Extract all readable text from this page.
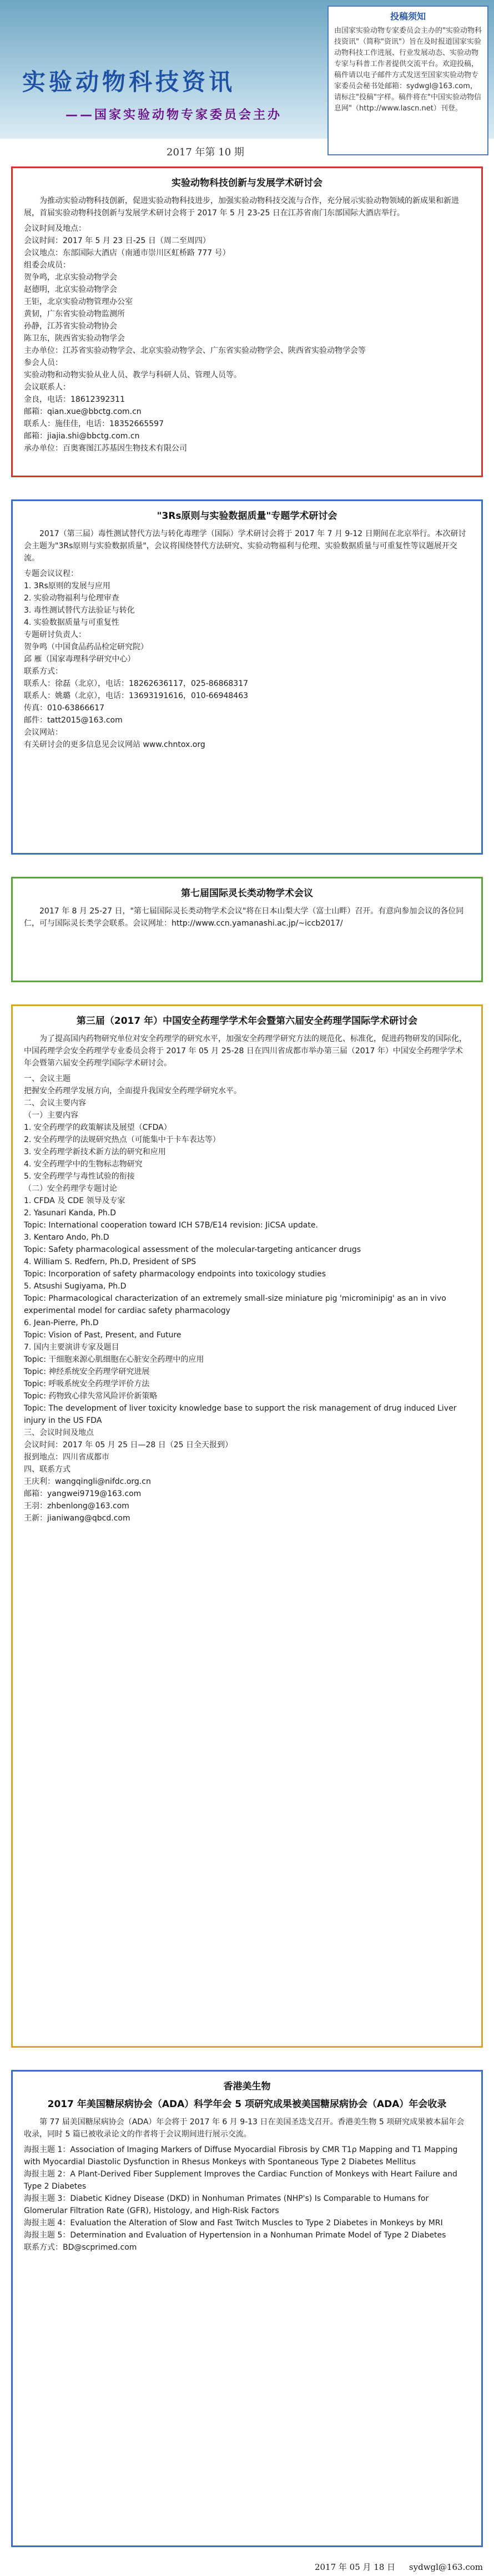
实验动物科技资讯
——国家实验动物专家委员会主办
2017 年第 10 期
投稿须知
由国家实验动物专家委员会主办的"实验动物科技资讯"（简称"资讯"）旨在及时报道国家实验动物科技工作进展、行业发展动态、实验动物专家与科普工作者提供交流平台。欢迎投稿，稿件请以电子邮件方式发送至国家实验动物专家委员会秘书处邮箱：sydwgl@163.com，请标注"投稿"字样。稿件将在"中国实验动物信息网"（http://www.lascn.net）刊登。
实验动物科技创新与发展学术研讨会

为推动实验动物科技创新，促进实验动物科技进步，加强实验动物科技交流与合作，充分展示实验动物领域的新成果和新进展，首届实验动物科技创新与发展学术研讨会将于 2017 年 5 月 23-25 日在江苏省南门东部国际大酒店举行。

会议时间及地点：

会议时间：2017 年 5 月 23 日-25 日（周二至周四）

会议地点：东部国际大酒店（南通市崇川区虹桥路 777 号）

组委会成员：

贺争鸣，北京实验动物学会

赵德明，北京实验动物学会

王钜，北京实验动物管理办公室

黄韧，广东省实验动物监测所

孙静，江苏省实验动物协会

陈卫东，陕西省实验动物学会

主办单位：江苏省实验动物学会、北京实验动物学会、广东省实验动物学会、陕西省实验动物学会等

参会人员：

实验动物和动物实验从业人员、教学与科研人员、管理人员等。

会议联系人：

金良，电话：18612392311

邮箱：qian.xue@bbctg.com.cn

联系人：施佳佳，电话：18352665597

邮箱：jiajia.shi@bbctg.com.cn

承办单位：百奥赛图江苏基因生物技术有限公司

"3Rs原则与实验数据质量"专题学术研讨会

2017（第三届）毒性测试替代方法与转化毒理学（国际）学术研讨会将于 2017 年 7 月 9-12 日期间在北京举行。本次研讨会主题为"3Rs原则与实验数据质量"，会议将围绕替代方法研究、实验动物福利与伦理、实验数据质量与可重复性等议题展开交流。

专题会议议程：

1. 3Rs原则的发展与应用

2. 实验动物福利与伦理审查

3. 毒性测试替代方法验证与转化

4. 实验数据质量与可重复性

专题研讨负责人：

贺争鸣（中国食品药品检定研究院）

邱 雁（国家毒理科学研究中心）

联系方式：

联系人：徐磊（北京），电话：18262636117，025-86868317

联系人：姚璐（北京），电话：13693191616，010-66948463

传真：010-63866617

邮件：tatt2015@163.com

会议网站：

有关研讨会的更多信息见会议网站 www.chntox.org

第七届国际灵长类动物学术会议

2017 年 8 月 25-27 日，"第七届国际灵长类动物学术会议"将在日本山梨大学（富士山畔）召开。有意向参加会议的各位同仁，可与国际灵长类学会联系。会议网址：http://www.ccn.yamanashi.ac.jp/~iccb2017/

第三届（2017 年）中国安全药理学学术年会暨第六届安全药理学国际学术研讨会

为了提高国内药物研究单位对安全药理学的研究水平，加强安全药理学研究方法的规范化、标准化，促进药物研发的国际化，中国药理学会安全药理学专业委员会将于 2017 年 05 月 25-28 日在四川省成都市举办第三届（2017 年）中国安全药理学学术年会暨第六届安全药理学国际学术研讨会。

一、会议主题

把握安全药理学发展方向，全面提升我国安全药理学研究水平。

二、会议主要内容

（一）主要内容

1. 安全药理学的政策解读及展望（CFDA）

2. 安全药理学的法规研究热点（可能集中于卡车表达等）

3. 安全药理学新技术新方法的研究和应用

4. 安全药理学中的生物标志物研究

5. 安全药理学与毒性试验的衔接

（二）安全药理学专题讨论

1. CFDA 及 CDE 领导及专家

2. Yasunari Kanda, Ph.D

Topic: International cooperation toward ICH S7B/E14 revision: JiCSA update.

3. Kentaro Ando, Ph.D

Topic: Safety pharmacological assessment of the molecular-targeting anticancer drugs

4. William S. Redfern, Ph.D, President of SPS

Topic: Incorporation of safety pharmacology endpoints into toxicology studies

5. Atsushi Sugiyama, Ph.D

Topic: Pharmacological characterization of an extremely small-size miniature pig 'microminipig' as an in vivo experimental model for cardiac safety pharmacology

6. Jean-Pierre, Ph.D

Topic: Vision of Past, Present, and Future

7. 国内主要演讲专家及题目

Topic: 干细胞来源心肌细胞在心脏安全药理中的应用

Topic: 神经系统安全药理学研究进展

Topic: 呼吸系统安全药理学评价方法

Topic: 药物致心律失常风险评价新策略

Topic: The development of liver toxicity knowledge base to support the risk management of drug induced Liver injury in the US FDA

三、会议时间及地点

会议时间：2017 年 05 月 25 日—28 日（25 日全天报到）

报到地点：四川省成都市

四、联系方式

王庆利：wangqingli@nifdc.org.cn

邮箱：yangwei9719@163.com

王羽：zhbenlong@163.com

王新：jianiwang@qbcd.com

香港美生物
2017 年美国糖尿病协会（ADA）科学年会 5 项研究成果被美国糖尿病协会（ADA）年会收录

第 77 届美国糖尿病协会（ADA）年会将于 2017 年 6 月 9-13 日在美国圣迭戈召开。香港美生物 5 项研究成果被本届年会收录，同时 5 篇已被收录论文的作者将于会议期间进行展示交流。

海报主题 1：Association of Imaging Markers of Diffuse Myocardial Fibrosis by CMR T1ρ Mapping and T1 Mapping with Myocardial Diastolic Dysfunction in Rhesus Monkeys with Spontaneous Type 2 Diabetes Mellitus

海报主题 2：A Plant-Derived Fiber Supplement Improves the Cardiac Function of Monkeys with Heart Failure and Type 2 Diabetes

海报主题 3：Diabetic Kidney Disease (DKD) in Nonhuman Primates (NHP's) Is Comparable to Humans for Glomerular Filtration Rate (GFR), Histology, and High-Risk Factors

海报主题 4：Evaluation the Alteration of Slow and Fast Twitch Muscles to Type 2 Diabetes in Monkeys by MRI

海报主题 5：Determination and Evaluation of Hypertension in a Nonhuman Primate Model of Type 2 Diabetes

联系方式：BD@scprimed.com

2017 年 05 月 18 日 sydwgl@163.com
